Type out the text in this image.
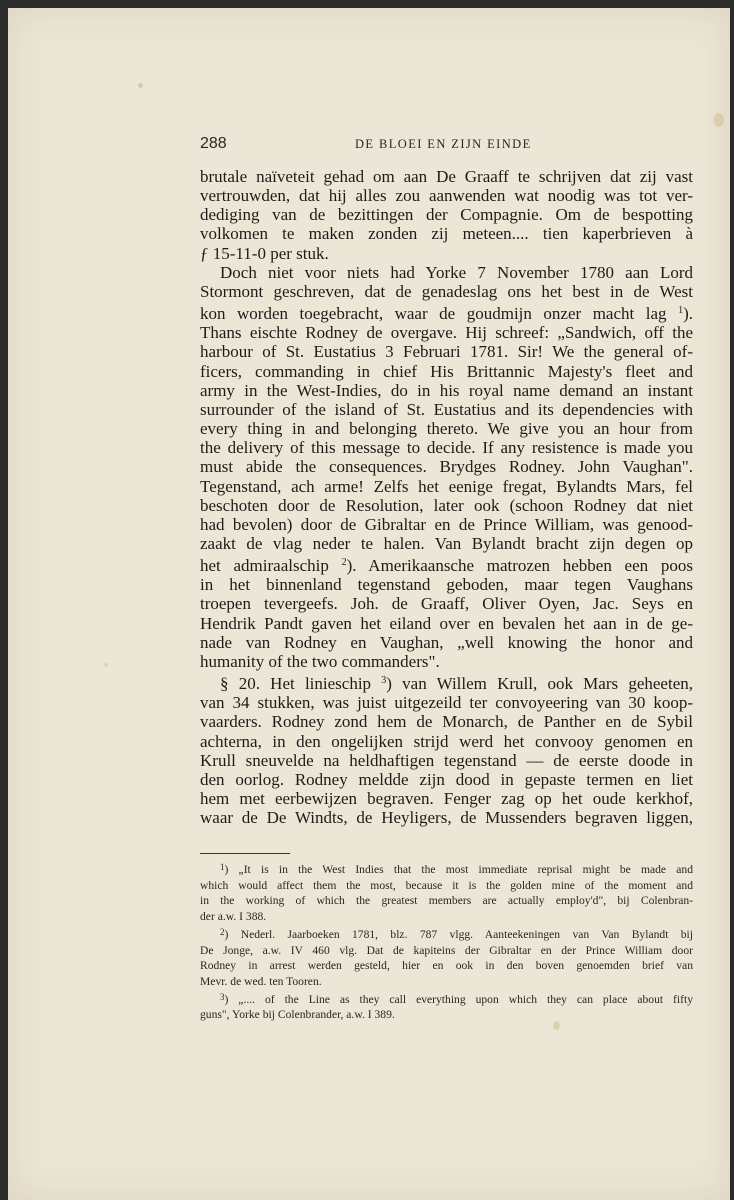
288	DE BLOEI EN ZIJN EINDE
brutale naïveteit gehad om aan De Graaff te schrijven dat zij vast
vertrouwden, dat hij alles zou aanwenden wat noodig was tot ver-
dediging van de bezittingen der Compagnie. Om de bespotting
volkomen te maken zonden zij meteen.... tien kaperbrieven à
ƒ 15-11-0 per stuk.
Doch niet voor niets had Yorke 7 November 1780 aan Lord
Stormont geschreven, dat de genadeslag ons het best in de West
kon worden toegebracht, waar de goudmijn onzer macht lag $^1$).
Thans eischte Rodney de overgave. Hij schreef: „Sandwich, off the
harbour of St. Eustatius 3 Februari 1781. Sir! We the general of-
ficers, commanding in chief His Brittannic Majesty's fleet and
army in the West-Indies, do in his royal name demand an instant
surrounder of the island of St. Eustatius and its dependencies with
every thing in and belonging thereto. We give you an hour from
the delivery of this message to decide. If any resistence is made you
must abide the consequences. Brydges Rodney. John Vaughan".
Tegenstand, ach arme! Zelfs het eenige fregat, Bylandts Mars, fel
beschoten door de Resolution, later ook (schoon Rodney dat niet
had bevolen) door de Gibraltar en de Prince William, was genood-
zaakt de vlag neder te halen. Van Bylandt bracht zijn degen op
het admiraalschip $^2$). Amerikaansche matrozen hebben een poos
in het binnenland tegenstand geboden, maar tegen Vaughans
troepen tevergeefs. Joh. de Graaff, Oliver Oyen, Jac. Seys en
Hendrik Pandt gaven het eiland over en bevalen het aan in de ge-
nade van Rodney en Vaughan, „well knowing the honor and
humanity of the two commanders".
§ 20. Het linieschip $^3$) van Willem Krull, ook Mars geheeten,
van 34 stukken, was juist uitgezeild ter convoyeering van 30 koop-
vaarders. Rodney zond hem de Monarch, de Panther en de Sybil
achterna, in den ongelijken strijd werd het convooy genomen en
Krull sneuvelde na heldhaftigen tegenstand — de eerste doode in
den oorlog. Rodney meldde zijn dood in gepaste termen en liet
hem met eerbewijzen begraven. Fenger zag op het oude kerkhof,
waar de De Windts, de Heyligers, de Mussenders begraven liggen,
$^1$) „It is in the West Indies that the most immediate reprisal might be made and
which would affect them the most, because it is the golden mine of the moment and
in the working of which the greatest members are actually employ'd", bij Colenbran-
der a.w. I 388.
$^2$) Nederl. Jaarboeken 1781, blz. 787 vlgg. Aanteekeningen van Van Bylandt bij
De Jonge, a.w. IV 460 vlg. Dat de kapiteins der Gibraltar en der Prince William door
Rodney in arrest werden gesteld, hier en ook in den boven genoemden brief van
Mevr. de wed. ten Tooren.
$^3$) „.... of the Line as they call everything upon which they can place about fifty
guns", Yorke bij Colenbrander, a.w. I 389.
